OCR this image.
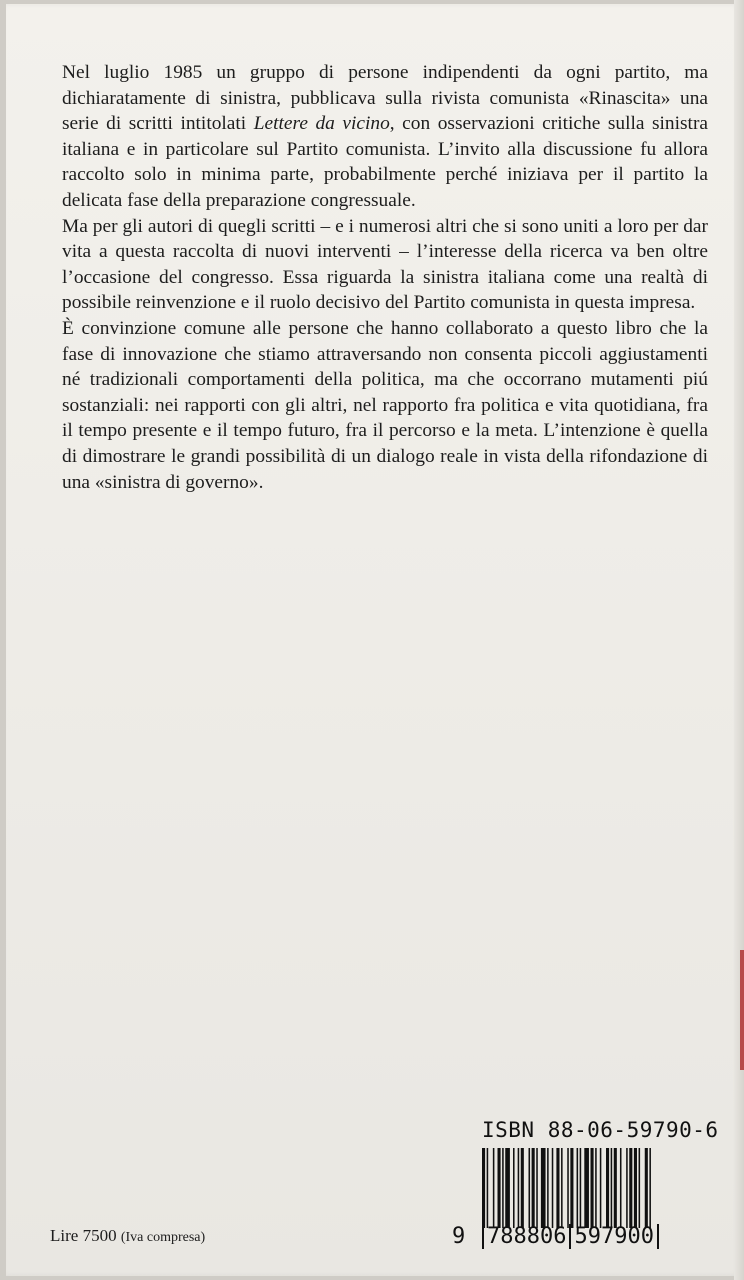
Nel luglio 1985 un gruppo di persone indipendenti da ogni partito, ma dichiaratamente di sinistra, pubblicava sulla rivista comunista «Rinascita» una serie di scritti intitolati Lettere da vicino, con osservazioni critiche sulla sinistra italiana e in particolare sul Partito comunista. L’invito alla discussione fu allora raccolto solo in minima parte, probabilmente perché iniziava per il partito la delicata fase della preparazione congressuale.

Ma per gli autori di quegli scritti – e i numerosi altri che si sono uniti a loro per dar vita a questa raccolta di nuovi interventi – l’interesse della ricerca va ben oltre l’occasione del congresso. Essa riguarda la sinistra italiana come una realtà di possibile reinvenzione e il ruolo decisivo del Partito comunista in questa impresa.

È convinzione comune alle persone che hanno collaborato a questo libro che la fase di innovazione che stiamo attraversando non consenta piccoli aggiustamenti né tradizionali comportamenti della politica, ma che occorrano mutamenti piú sostanziali: nei rapporti con gli altri, nel rapporto fra politica e vita quotidiana, fra il tempo presente e il tempo futuro, fra il percorso e la meta. L’intenzione è quella di dimostrare le grandi possibilità di un dialogo reale in vista della rifondazione di una «sinistra di governo».

ISBN 88-06-59790-6
9 788806 597900
Lire 7500 (Iva compresa)
